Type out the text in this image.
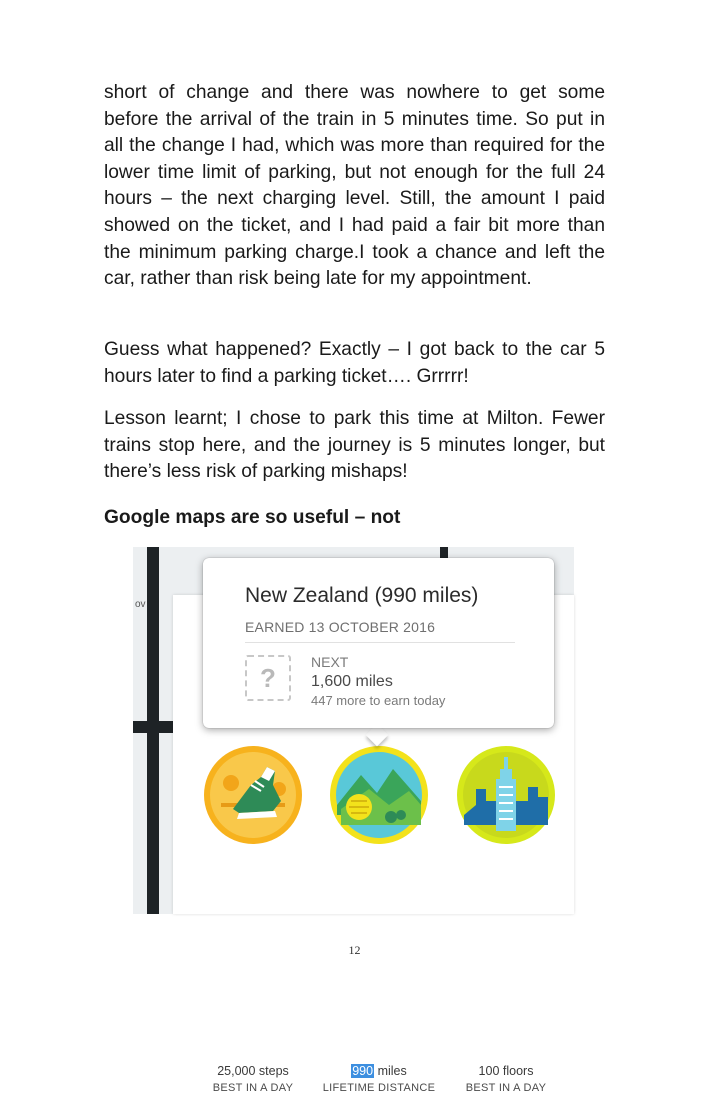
short of change and there was nowhere to get some before the arrival of the train in 5 minutes time. So put in all the change I had, which was more than required for the lower time limit of parking, but not enough for the full 24 hours – the next charging level. Still, the amount I paid showed on the ticket, and I had paid a fair bit more than the minimum parking charge.I took a chance and left the car, rather than risk being late for my appointment.

Guess what happened? Exactly – I got back to the car 5 hours later to find a parking ticket…. Grrrrr!

Lesson learnt; I chose to park this time at Milton. Fewer trains stop here, and the journey is 5 minutes longer, but there’s less risk of parking mishaps!

Google maps are so useful – not
ov
25,000 steps
BEST IN A DAY
990 miles
LIFETIME DISTANCE
100 floors
BEST IN A DAY
New Zealand (990 miles)
EARNED 13 OCTOBER 2016
?
NEXT
1,600 miles
447 more to earn today
12
